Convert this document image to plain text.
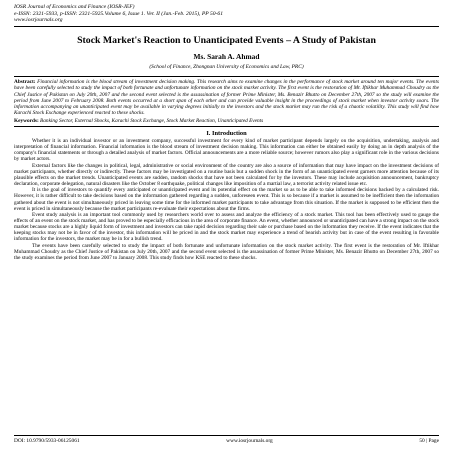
IOSR Journal of Economics and Finance (IOSR-JEF)
e-ISSN: 2321-5933, p-ISSN: 2321-5925.Volume 6, Issue 1. Ver. II (Jan.-Feb. 2015), PP 50-61
www.iosrjournals.org
Stock Market's Reaction to Unanticipated Events – A Study of Pakistan
Ms. Sarah A. Ahmad
(School of Finance, Zhongnan University of Economics and Law, PRC)
Abstract: Financial information is the blood stream of investment decision making. This research aims to examine changes in the performance of stock market around ten major events. The events have been carefully selected to study the impact of both fortunate and unfortunate information on the stock market activity. The first event is the restoration of Mr. Iftikhar Muhammad Choudry as the Chief Justice of Pakistan on July 20th, 2007 and the second event selected is the assassination of former Prime Minister, Ms. Benazir Bhutto on December 27th, 2007 so the study will examine the period from June 2007 to February 2008. Both events occurred at a short span of each other and can provide valuable insight in the proceedings of stock market when investor activity soars. The information accompanying an unanticipated event may be available in varying degrees initially to the investors and the stock market may run the risk of a chaotic volatility. This study will find how Karachi Stock Exchange experienced reacted to these shocks.
Keywords: Banking Sector, External Shocks, Karachi Stock Exchange, Stock Market Reaction, Unanticipated Events
I. Introduction

Whether it is an individual investor or an investment company, successful investment for every kind of market participant depends largely on the acquisition, undertaking, analysis and interpretation of financial information. Financial information is the blood stream of investment decision making. This information can either be obtained easily by doing an in depth analysis of the company's financial statements or through a detailed analysis of market factors. Official announcements are a more reliable source; however rumors also play a significant role in the various decisions by market actors.

External factors like the changes in political, legal, administrative or social environment of the country are also a source of information that may have impact on the investment decisions of market participants, whether directly or indirectly. These factors may be investigated on a routine basis but a sudden shock in the form of an unanticipated event garners more attention because of its plausible effects on the market trends. Unanticipated events are sudden, random shocks that have not been calculated for by the investors. These may include acquisition announcement, bankruptcy declaration, corporate delegation, natural disasters like the October 8 earthquake, political changes like imposition of a martial law, a terrorist activity related issue etc.

It is the goal of investors to quantify every anticipated or unanticipated event and its potential effect on the market so as to be able to take informed decisions backed by a calculated risk. However, it is rather difficult to take decisions based on the information gathered regarding a sudden, unforeseen event. This is so because if a market is assumed to be inefficient then the information gathered about the event is not simultaneously priced in leaving some time for the informed market participants to take advantage from this situation. If the market is supposed to be efficient then the event is priced in simultaneously because the market participants re-evaluate their expectations about the firms.

Event study analysis is an important tool commonly used by researchers world over to assess and analyze the efficiency of a stock market. This tool has been effectively used to gauge the effects of an event on the stock market, and has proved to be especially efficacious in the area of corporate finance. An event, whether announced or unanticipated can have a strong impact on the stock market because stocks are a highly liquid form of investment and investors can take rapid decision regarding their sale or purchase based on the information they receive. If the event indicates that the keeping stocks may not be in favor of the investor, this information will be priced in and the stock market may experience a trend of bearish activity but in case of the event resulting in favorable information for the investors, the market may be in for a bullish trend.

The events have been carefully selected to study the impact of both fortunate and unfortunate information on the stock market activity. The first event is the restoration of Mr. Iftikhar Muhammad Choudry as the Chief Justice of Pakistan on July 20th, 2007 and the second event selected is the assassination of former Prime Minister, Ms. Benazir Bhutto on December 27th, 2007 so the study examines the period from June 2007 to January 2008. This study finds how KSE reacted to these shocks.

DOI: 10.9790/5933-06125061	www.iosrjournals.org	50 | Page
